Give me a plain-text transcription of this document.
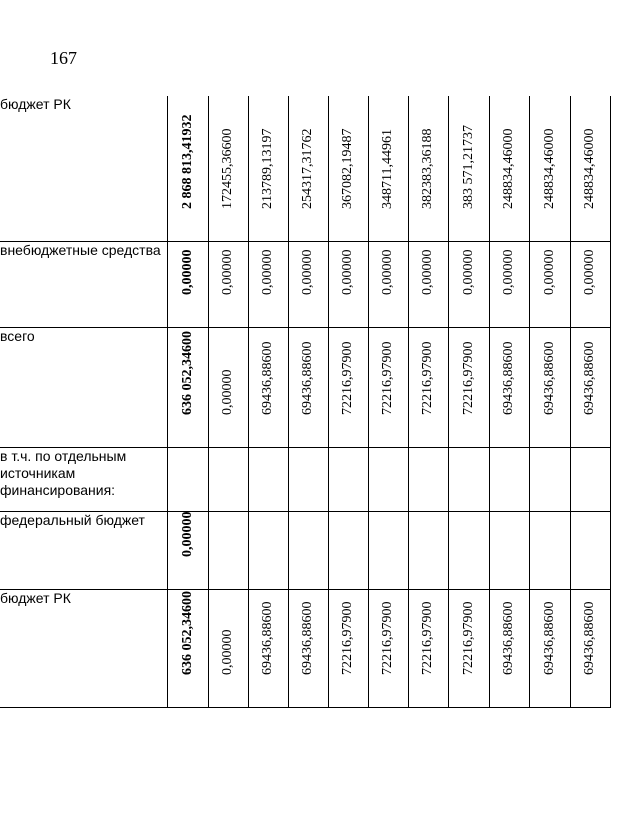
167
бюджет РК	2 868 813,41932	172455,36600	213789,13197	254317,31762	367082,19487	348711,44961	382383,36188	383 571,21737	248834,46000	248834,46000	248834,46000

внебюджетные средства	0,00000	0,00000	0,00000	0,00000	0,00000	0,00000	0,00000	0,00000	0,00000	0,00000	0,00000

всего	636 052,34600	0,00000	69436,88600	69436,88600	72216,97900	72216,97900	72216,97900	72216,97900	69436,88600	69436,88600	69436,88600

в т.ч. по отдельным источникам финансирования:	

федеральный бюджет	0,00000										

бюджет РК	636 052,34600	0,00000	69436,88600	69436,88600	72216,97900	72216,97900	72216,97900	72216,97900	69436,88600	69436,88600	69436,88600
